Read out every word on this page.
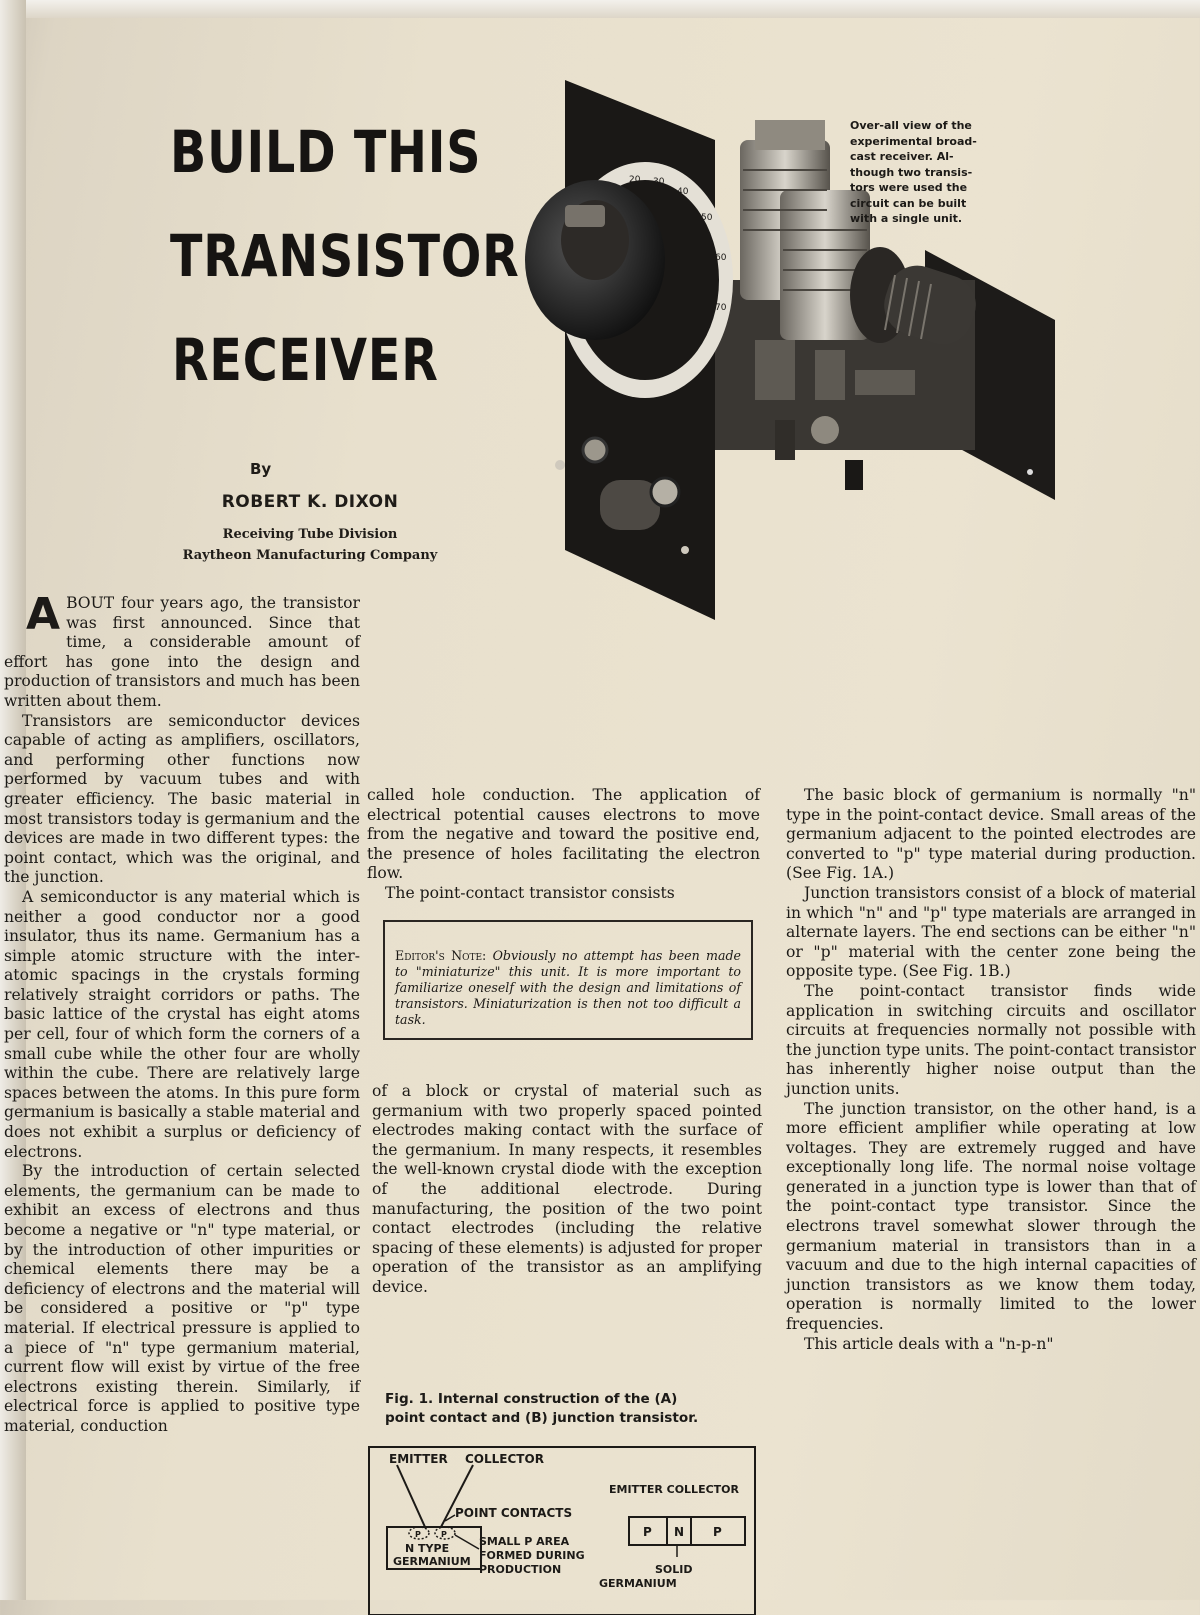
BUILD THIS
TRANSISTOR
RECEIVER
By
ROBERT K. DIXON
Receiving Tube Division
Raytheon Manufacturing Company
20 30
40
50
60
70
Over-all view of the
experimental broad-
cast receiver. Al-
though two transis-
tors were used the
circuit can be built
with a single unit.

ABOUT four years ago, the transistor was first announced. Since that time, a considerable amount of effort has gone into the design and production of transistors and much has been written about them.

Transistors are semiconductor devices capable of acting as amplifiers, oscillators, and performing other functions now performed by vacuum tubes and with greater efficiency. The basic material in most transistors today is germanium and the devices are made in two different types: the point contact, which was the original, and the junction.

A semiconductor is any material which is neither a good conductor nor a good insulator, thus its name. Germanium has a simple atomic structure with the inter-atomic spacings in the crystals forming relatively straight corridors or paths. The basic lattice of the crystal has eight atoms per cell, four of which form the corners of a small cube while the other four are wholly within the cube. There are relatively large spaces between the atoms. In this pure form germanium is basically a stable material and does not exhibit a surplus or deficiency of electrons.

By the introduction of certain selected elements, the germanium can be made to exhibit an excess of electrons and thus become a negative or "n" type material, or by the introduction of other impurities or chemical elements there may be a deficiency of electrons and the material will be considered a positive or "p" type material. If electrical pressure is applied to a piece of "n" type germanium material, current flow will exist by virtue of the free electrons existing therein. Similarly, if electrical force is applied to positive type material, conduction

called hole conduction. The application of electrical potential causes electrons to move from the negative and toward the positive end, the presence of holes facilitating the electron flow.

The point-contact transistor consists

Editor's Note: Obviously no attempt has been made to "miniaturize" this unit. It is more important to familiarize oneself with the design and limitations of transistors. Miniaturization is then not too difficult a task.

of a block or crystal of material such as germanium with two properly spaced pointed electrodes making contact with the surface of the germanium. In many respects, it resembles the well-known crystal diode with the exception of the additional electrode. During manufacturing, the position of the two point contact electrodes (including the relative spacing of these elements) is adjusted for proper operation of the transistor as an amplifying device.

The basic block of germanium is normally "n" type in the point-contact device. Small areas of the germanium adjacent to the pointed electrodes are converted to "p" type material during production. (See Fig. 1A.)

Junction transistors consist of a block of material in which "n" and "p" type materials are arranged in alternate layers. The end sections can be either "n" or "p" material with the center zone being the opposite type. (See Fig. 1B.)

The point-contact transistor finds wide application in switching circuits and oscillator circuits at frequencies normally not possible with the junction type units. The point-contact transistor has inherently higher noise output than the junction units.

The junction transistor, on the other hand, is a more efficient amplifier while operating at low voltages. They are extremely rugged and have exceptionally long life. The normal noise voltage generated in a junction type is lower than that of the point-contact type transistor. Since the electrons travel somewhat slower through the germanium material in transistors than in a vacuum and due to the high internal capacities of junction transistors as we know them today, operation is normally limited to the lower frequencies.

This article deals with a "n-p-n"

Fig. 1. Internal construction of the (A)
point contact and (B) junction transistor.
EMITTER COLLECTOR
POINT CONTACTS
P	P
N TYPE
GERMANIUM
SMALL P AREA
FORMED DURING
PRODUCTION
EMITTER COLLECTOR
P N P
SOLID
GERMANIUM
